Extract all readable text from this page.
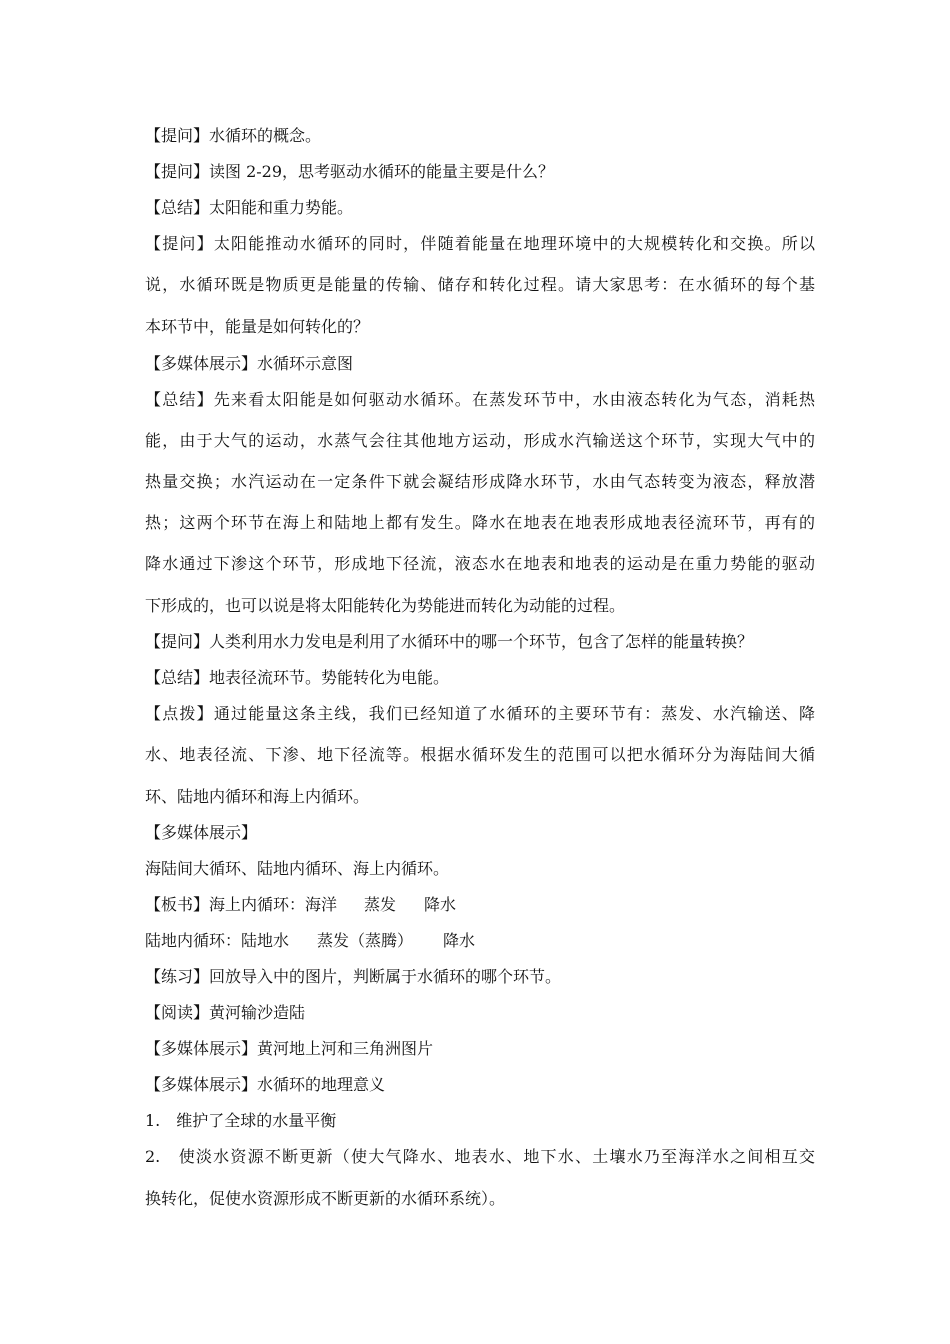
【提问】水循环的概念。
【提问】读图 2-29，思考驱动水循环的能量主要是什么？
【总结】太阳能和重力势能。
【提问】太阳能推动水循环的同时，伴随着能量在地理环境中的大规模转化和交换。所以
说，水循环既是物质更是能量的传输、储存和转化过程。请大家思考：在水循环的每个基
本环节中，能量是如何转化的？
【多媒体展示】水循环示意图
【总结】先来看太阳能是如何驱动水循环。在蒸发环节中，水由液态转化为气态，消耗热
能，由于大气的运动，水蒸气会往其他地方运动，形成水汽输送这个环节，实现大气中的
热量交换；水汽运动在一定条件下就会凝结形成降水环节，水由气态转变为液态，释放潜
热；这两个环节在海上和陆地上都有发生。降水在地表在地表形成地表径流环节，再有的
降水通过下渗这个环节，形成地下径流，液态水在地表和地表的运动是在重力势能的驱动
下形成的，也可以说是将太阳能转化为势能进而转化为动能的过程。
【提问】人类利用水力发电是利用了水循环中的哪一个环节，包含了怎样的能量转换？
【总结】地表径流环节。势能转化为电能。
【点拨】通过能量这条主线，我们已经知道了水循环的主要环节有：蒸发、水汽输送、降
水、地表径流、下渗、地下径流等。根据水循环发生的范围可以把水循环分为海陆间大循
环、陆地内循环和海上内循环。
【多媒体展示】
海陆间大循环、陆地内循环、海上内循环。
【板书】海上内循环：海洋 蒸发 降水
陆地内循环：陆地水 蒸发（蒸腾） 降水
【练习】回放导入中的图片，判断属于水循环的哪个环节。
【阅读】黄河输沙造陆
【多媒体展示】黄河地上河和三角洲图片
【多媒体展示】水循环的地理意义
1.　维护了全球的水量平衡
2.　使淡水资源不断更新（使大气降水、地表水、地下水、土壤水乃至海洋水之间相互交
换转化，促使水资源形成不断更新的水循环系统）。
